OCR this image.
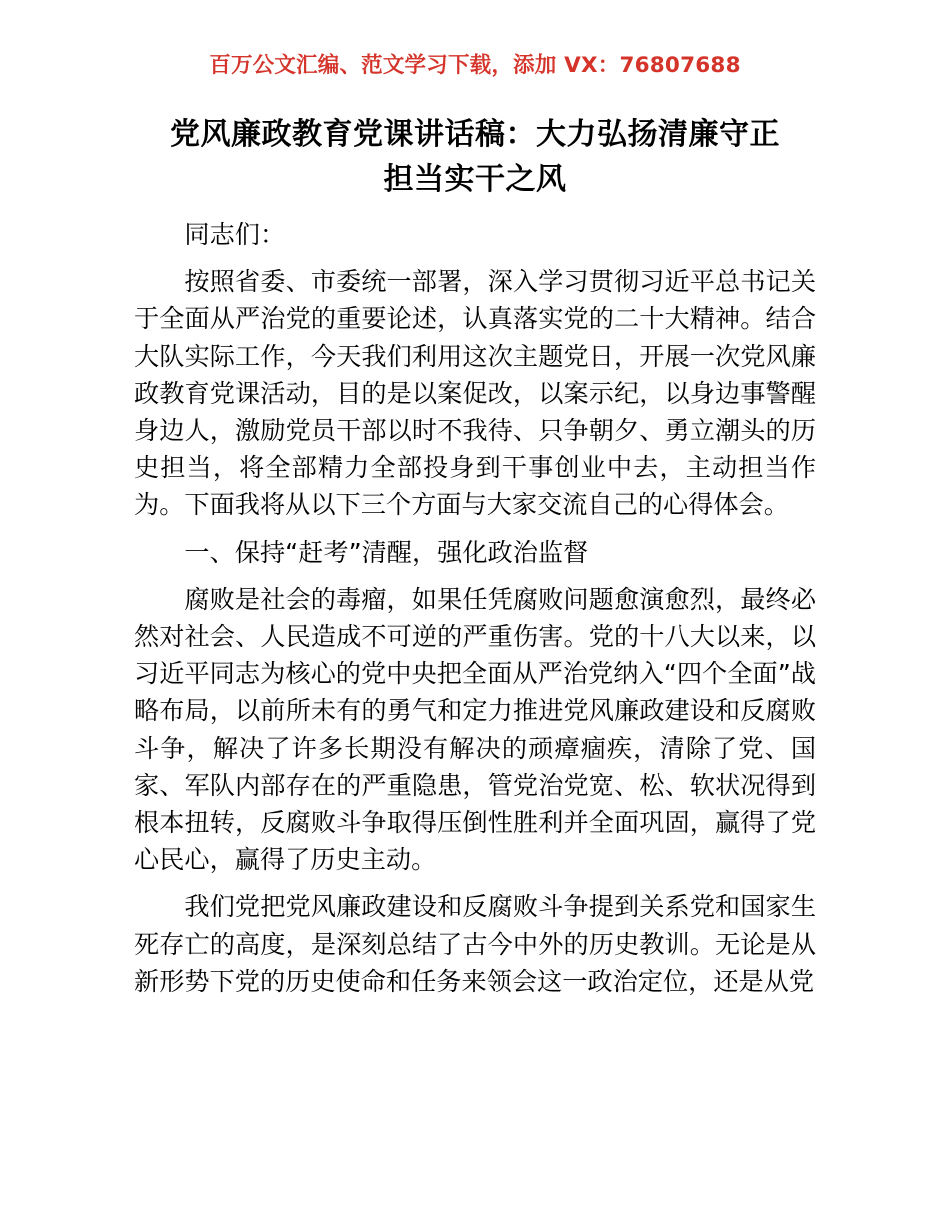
百万公文汇编、范文学习下载，添加 VX：76807688
党风廉政教育党课讲话稿：大力弘扬清廉守正
担当实干之风

同志们：

按照省委、市委统一部署，深入学习贯彻习近平总书记关于全面从严治党的重要论述，认真落实党的二十大精神。结合大队实际工作，今天我们利用这次主题党日，开展一次党风廉政教育党课活动，目的是以案促改，以案示纪，以身边事警醒身边人，激励党员干部以时不我待、只争朝夕、勇立潮头的历史担当，将全部精力全部投身到干事创业中去，主动担当作为。下面我将从以下三个方面与大家交流自己的心得体会。

一、保持“赶考”清醒，强化政治监督

腐败是社会的毒瘤，如果任凭腐败问题愈演愈烈，最终必然对社会、人民造成不可逆的严重伤害。党的十八大以来，以习近平同志为核心的党中央把全面从严治党纳入“四个全面”战略布局，以前所未有的勇气和定力推进党风廉政建设和反腐败斗争，解决了许多长期没有解决的顽瘴痼疾，清除了党、国家、军队内部存在的严重隐患，管党治党宽、松、软状况得到根本扭转，反腐败斗争取得压倒性胜利并全面巩固，赢得了党心民心，赢得了历史主动。

我们党把党风廉政建设和反腐败斗争提到关系党和国家生死存亡的高度，是深刻总结了古今中外的历史教训。无论是从新形势下党的历史使命和任务来领会这一政治定位，还是从党
